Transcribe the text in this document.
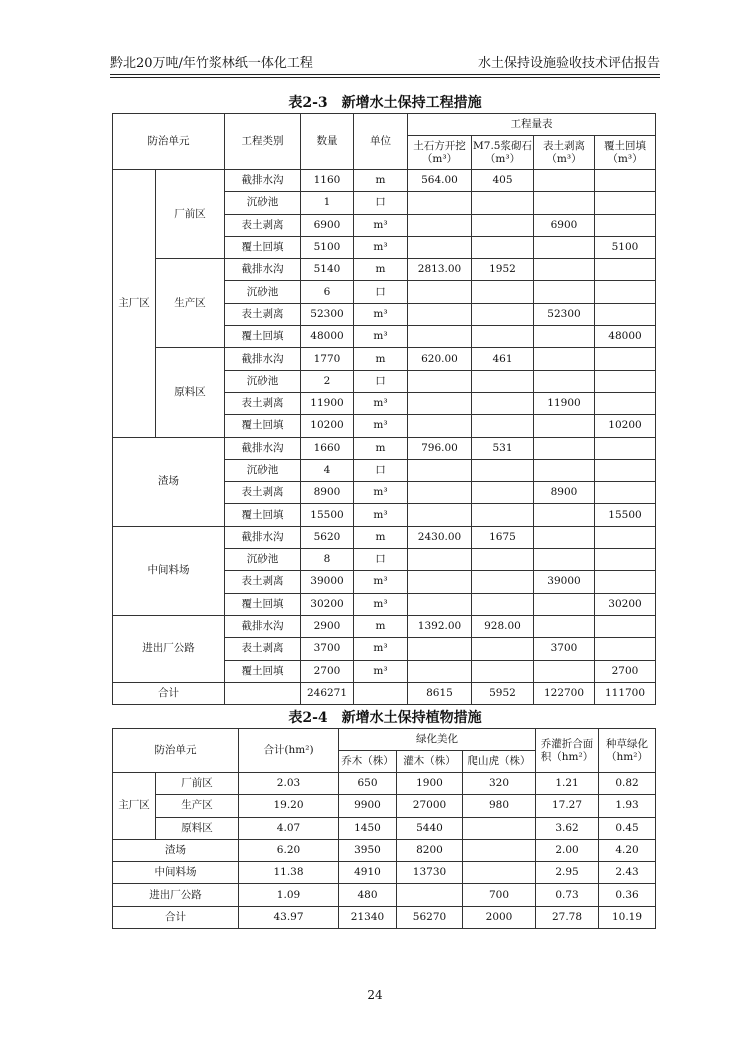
黔北20万吨/年竹浆林纸一体化工程	水土保持设施验收技术评估报告
表2-3　新增水土保持工程措施
防治单元		工程类别	数量	单位	工程量表			
					土石方开挖（m³）	M7.5浆砌石（m³）	表土剥离（m³）	覆土回填（m³）
主厂区	厂前区	截排水沟	1160	m	564.00	405		
		沉砂池	1	口				
		表土剥离	6900	m³			6900	
		覆土回填	5100	m³				5100
	生产区	截排水沟	5140	m	2813.00	1952		
		沉砂池	6	口				
		表土剥离	52300	m³			52300	
		覆土回填	48000	m³				48000
	原料区	截排水沟	1770	m	620.00	461		
		沉砂池	2	口				
		表土剥离	11900	m³			11900	
		覆土回填	10200	m³				10200
渣场		截排水沟	1660	m	796.00	531		
		沉砂池	4	口				
		表土剥离	8900	m³			8900	
		覆土回填	15500	m³				15500
中间料场		截排水沟	5620	m	2430.00	1675		
		沉砂池	8	口				
		表土剥离	39000	m³			39000	
		覆土回填	30200	m³				30200
进出厂公路		截排水沟	2900	m	1392.00	928.00		
		表土剥离	3700	m³			3700	
		覆土回填	2700	m³				2700
合计			246271		8615	5952	122700	111700
表2-4　新增水土保持植物措施
防治单元		合计(hm²)	绿化美化			乔灌折合面积（hm²）	种草绿化（hm²）
			乔木（株）	灌木（株）	爬山虎（株）		
主厂区	厂前区	2.03	650	1900	320	1.21	0.82
	生产区	19.20	9900	27000	980	17.27	1.93
	原料区	4.07	1450	5440		3.62	0.45
渣场		6.20	3950	8200		2.00	4.20
中间料场		11.38	4910	13730		2.95	2.43
进出厂公路		1.09	480		700	0.73	0.36
合计		43.97	21340	56270	2000	27.78	10.19
24
